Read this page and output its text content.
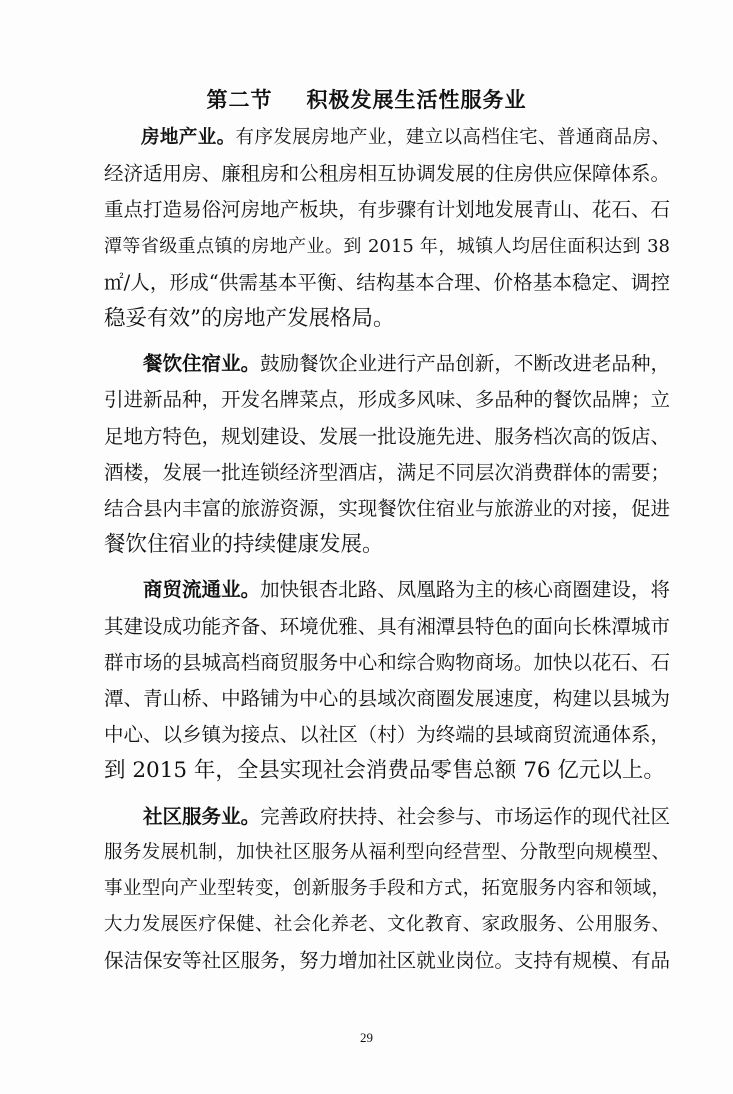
第二节 积极发展生活性服务业

房地产业。有序发展房地产业，建立以高档住宅、普通商品房、
经济适用房、廉租房和公租房相互协调发展的住房供应保障体系。
重点打造易俗河房地产板块，有步骤有计划地发展青山、花石、石
潭等省级重点镇的房地产业。到 2015 年，城镇人均居住面积达到 38
㎡/人，形成“供需基本平衡、结构基本合理、价格基本稳定、调控
稳妥有效”的房地产发展格局。

餐饮住宿业。鼓励餐饮企业进行产品创新，不断改进老品种，
引进新品种，开发名牌菜点，形成多风味、多品种的餐饮品牌；立
足地方特色，规划建设、发展一批设施先进、服务档次高的饭店、
酒楼，发展一批连锁经济型酒店，满足不同层次消费群体的需要；
结合县内丰富的旅游资源，实现餐饮住宿业与旅游业的对接，促进
餐饮住宿业的持续健康发展。

商贸流通业。加快银杏北路、凤凰路为主的核心商圈建设，将
其建设成功能齐备、环境优雅、具有湘潭县特色的面向长株潭城市
群市场的县城高档商贸服务中心和综合购物商场。加快以花石、石
潭、青山桥、中路铺为中心的县域次商圈发展速度，构建以县城为
中心、以乡镇为接点、以社区（村）为终端的县域商贸流通体系，
到 2015 年，全县实现社会消费品零售总额 76 亿元以上。

社区服务业。完善政府扶持、社会参与、市场运作的现代社区
服务发展机制，加快社区服务从福利型向经营型、分散型向规模型、
事业型向产业型转变，创新服务手段和方式，拓宽服务内容和领域，
大力发展医疗保健、社会化养老、文化教育、家政服务、公用服务、
保洁保安等社区服务，努力增加社区就业岗位。支持有规模、有品

29
